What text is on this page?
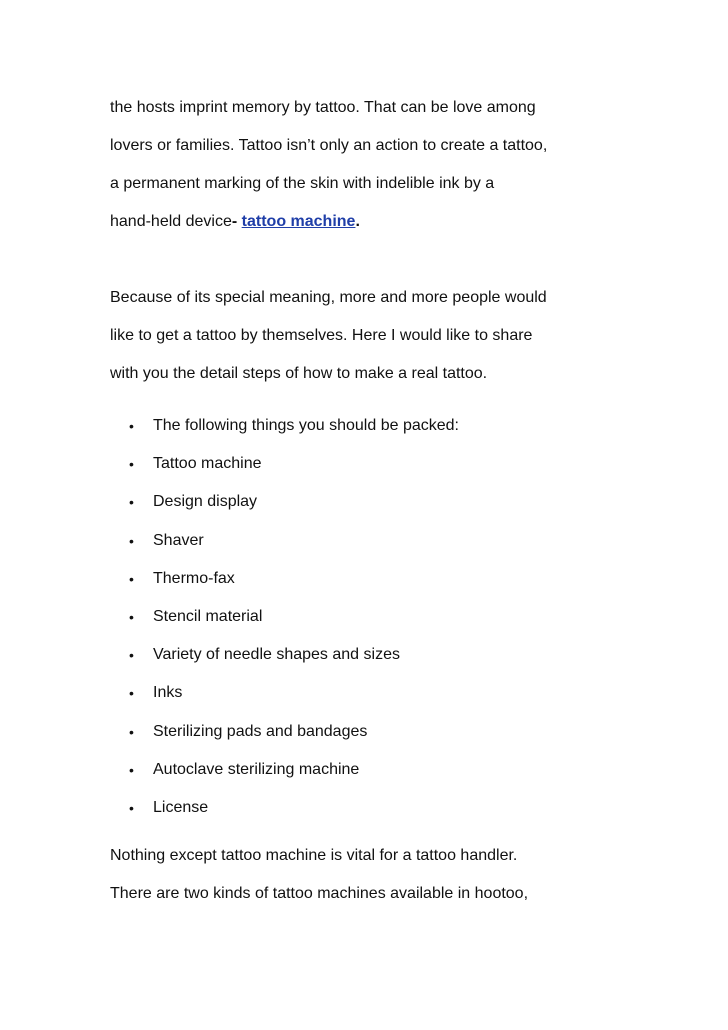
the hosts imprint memory by tattoo. That can be love among

lovers or families. Tattoo isn’t only an action to create a tattoo,

a permanent marking of the skin with indelible ink by a

hand-held device- tattoo machine.

Because of its special meaning, more and more people would

like to get a tattoo by themselves. Here I would like to share

with you the detail steps of how to make a real tattoo.

• The following things you should be packed:
• Tattoo machine
• Design display
• Shaver
• Thermo-fax
• Stencil material
• Variety of needle shapes and sizes
• Inks
• Sterilizing pads and bandages
• Autoclave sterilizing machine
• License

Nothing except tattoo machine is vital for a tattoo handler.

There are two kinds of tattoo machines available in hootoo,
